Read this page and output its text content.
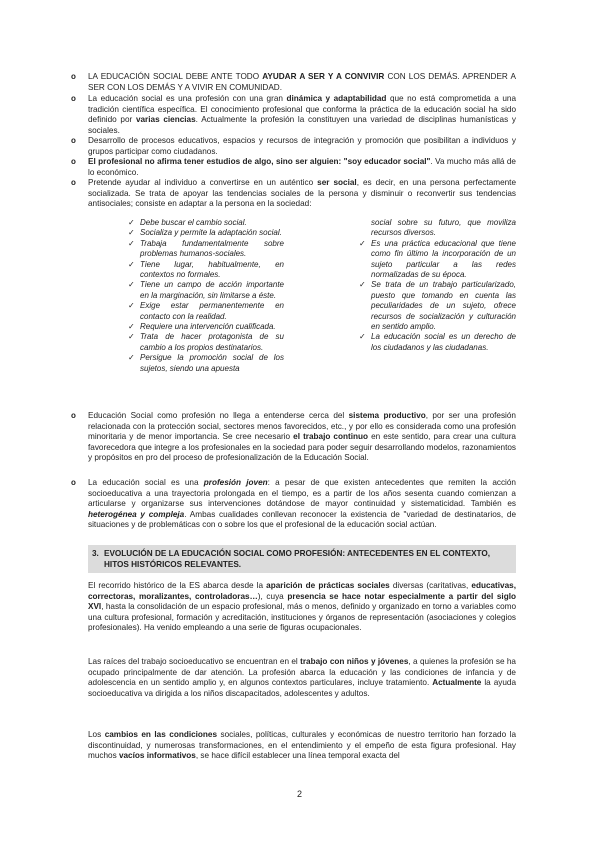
o LA EDUCACIÓN SOCIAL DEBE ANTE TODO AYUDAR A SER Y A CONVIVIR CON LOS DEMÁS. APRENDER A SER CON LOS DEMÁS Y A VIVIR EN COMUNIDAD.

o La educación social es una profesión con una gran dinámica y adaptabilidad que no está comprometida a una tradición científica específica. El conocimiento profesional que conforma la práctica de la educación social ha sido definido por varias ciencias. Actualmente la profesión la constituyen una variedad de disciplinas humanísticas y sociales.

o Desarrollo de procesos educativos, espacios y recursos de integración y promoción que posibilitan a individuos y grupos participar como ciudadanos.

o El profesional no afirma tener estudios de algo, sino ser alguien: "soy educador social". Va mucho más allá de lo económico.

o Pretende ayudar al individuo a convertirse en un auténtico ser social, es decir, en una persona perfectamente socializada. Se trata de apoyar las tendencias sociales de la persona y disminuir o reconvertir sus tendencias antisociales; consiste en adaptar a la persona en la sociedad:

✓ Debe buscar el cambio social.
✓ Socializa y permite la adaptación social.
✓ Trabaja fundamentalmente sobre problemas humanos-sociales.
✓ Tiene lugar, habitualmente, en contextos no formales.
✓ Tiene un campo de acción importante en la marginación, sin limitarse a éste.
✓ Exige estar permanentemente en contacto con la realidad.
✓ Requiere una intervención cualificada.
✓ Trata de hacer protagonista de su cambio a los propios destinatarios.
✓ Persigue la promoción social de los sujetos, siendo una apuesta
social sobre su futuro, que moviliza recursos diversos.
✓ Es una práctica educacional que tiene como fin último la incorporación de un sujeto particular a las redes normalizadas de su época.
✓ Se trata de un trabajo particularizado, puesto que tomando en cuenta las peculiaridades de un sujeto, ofrece recursos de socialización y culturación en sentido amplio.
✓ La educación social es un derecho de los ciudadanos y las ciudadanas.
o Educación Social como profesión no llega a entenderse cerca del sistema productivo, por ser una profesión relacionada con la protección social, sectores menos favorecidos, etc., y por ello es considerada como una profesión minoritaria y de menor importancia. Se cree necesario el trabajo continuo en este sentido, para crear una cultura favorecedora que integre a los profesionales en la sociedad para poder seguir desarrollando modelos, razonamientos y propósitos en pro del proceso de profesionalización de la Educación Social.

o La educación social es una profesión joven: a pesar de que existen antecedentes que remiten la acción socioeducativa a una trayectoria prolongada en el tiempo, es a partir de los años sesenta cuando comienzan a articularse y organizarse sus intervenciones dotándose de mayor continuidad y sistematicidad. También es heterogénea y compleja. Ambas cualidades conllevan reconocer la existencia de "variedad de destinatarios, de situaciones y de problemáticas con o sobre los que el profesional de la educación social actúan.

3. EVOLUCIÓN DE LA EDUCACIÓN SOCIAL COMO PROFESIÓN: ANTECEDENTES EN EL CONTEXTO, HITOS HISTÓRICOS RELEVANTES.

El recorrido histórico de la ES abarca desde la aparición de prácticas sociales diversas (caritativas, educativas, correctoras, moralizantes, controladoras…), cuya presencia se hace notar especialmente a partir del siglo XVI, hasta la consolidación de un espacio profesional, más o menos, definido y organizado en torno a variables como una cultura profesional, formación y acreditación, instituciones y órganos de representación (asociaciones y colegios profesionales). Ha venido empleando a una serie de figuras ocupacionales.

Las raíces del trabajo socioeducativo se encuentran en el trabajo con niños y jóvenes, a quienes la profesión se ha ocupado principalmente de dar atención. La profesión abarca la educación y las condiciones de infancia y de adolescencia en un sentido amplio y, en algunos contextos particulares, incluye tratamiento. Actualmente la ayuda socioeducativa va dirigida a los niños discapacitados, adolescentes y adultos.

Los cambios en las condiciones sociales, políticas, culturales y económicas de nuestro territorio han forzado la discontinuidad, y numerosas transformaciones, en el entendimiento y el empeño de esta figura profesional. Hay muchos vacíos informativos, se hace difícil establecer una línea temporal exacta del

2
